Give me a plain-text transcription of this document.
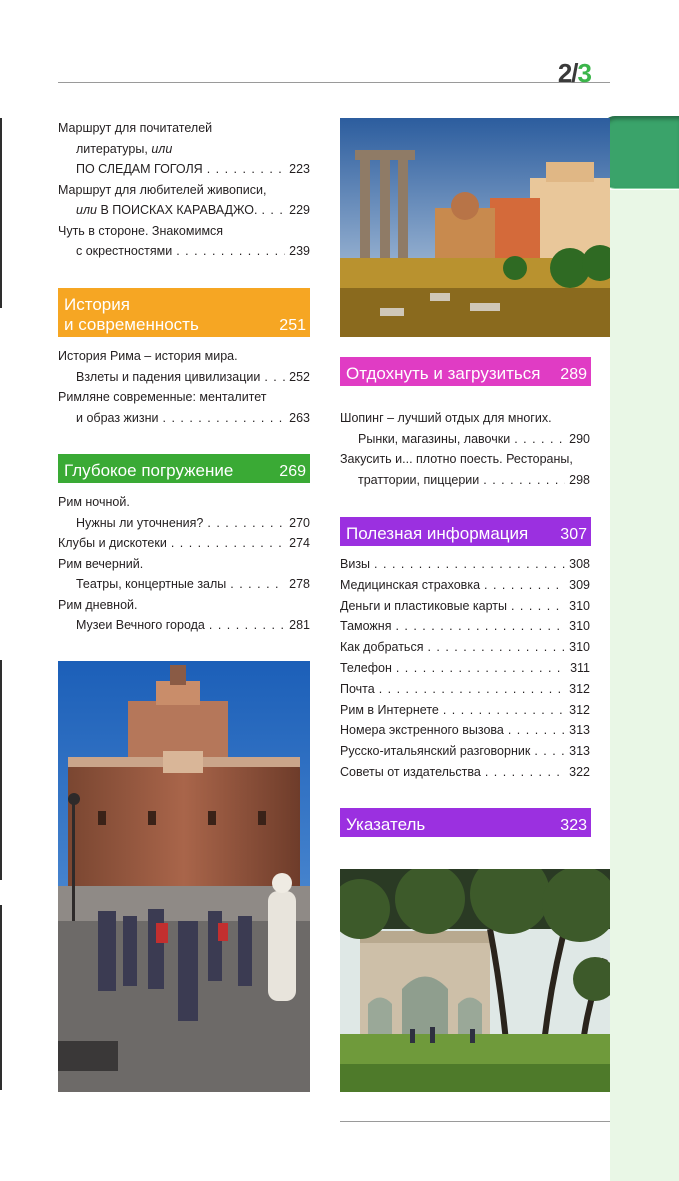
2/3
Маршрут для почитателей
литературы, или
ПО СЛЕДАМ ГОГОЛЯ . . .	223
Маршрут для любителей живописи,
или В ПОИСКАХ КАРАВАДЖО. . . .	229
Чуть в стороне. Знакомимся
с окрестностями . . .	239
История
и современность	251
История Рима – история мира.
Взлеты и падения цивилизации . . . 252
Римляне современные: менталитет
и образ жизни . . .	263
Глубокое погружение	269
Рим ночной.
Нужны ли уточнения? . . .	270
Клубы и дискотеки . . .	274
Рим вечерний.
Театры, концертные залы . . .	278
Рим дневной.
Музеи Вечного города . . .	281
Отдохнуть и загрузиться 289
Шопинг – лучший отдых для многих.
Рынки, магазины, лавочки . . .	290
Закусить и... плотно поесть. Рестораны,
траттории, пиццерии . . .	298
Полезная информация 307
Визы . . .	308
Медицинская страховка . . .	309
Деньги и пластиковые карты . . .	310
Таможня . . .	310
Как добраться . . .	310
Телефон . . .	311
Почта . . .	312
Рим в Интернете . . .	312
Номера экстренного вызова . . .	313
Русско-итальянский разговорник . . .	313
Советы от издательства . . .	322
Указатель	323
